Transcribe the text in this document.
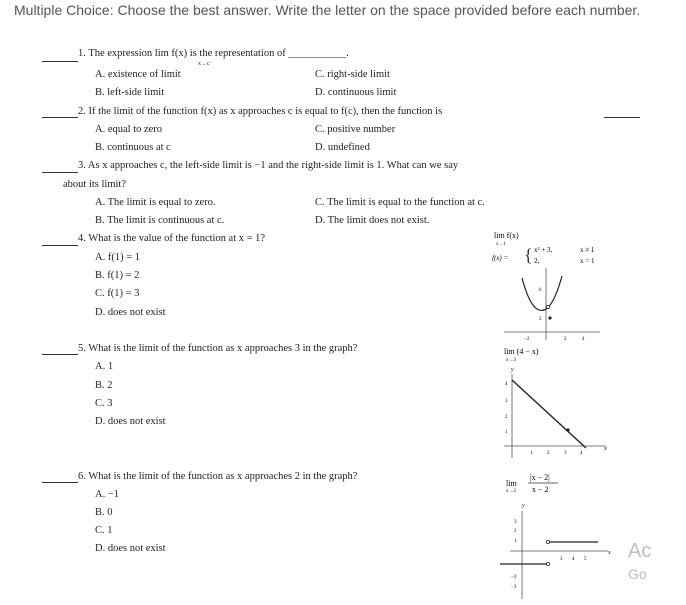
Multiple Choice: Choose the best answer. Write the letter on the space provided before each number.
1. The expression lim f(x) is the representation of ___________.
x→c⁻
A. existence of limit	C. right-side limit
B. left-side limit	D. continuous limit
2. If the limit of the function f(x) as x approaches c is equal to f(c), then the function is
A. equal to zero	C. positive number
B. continuous at c	D. undefined
3. As x approaches c, the left-side limit is −1 and the right-side limit is 1. What can we say
about its limit?
A. The limit is equal to zero.	C. The limit is equal to the function at c.
B. The limit is continuous at c.	D. The limit does not exist.
4. What is the value of the function at x = 1?
A. f(1) = 1
B. f(1) = 2
C. f(1) = 3
D. does not exist
lim f(x)
x→1
f(x) = { x² + 3,	x ≠ 1
2,	x = 1
6
2
−2	2	4
5. What is the limit of the function as x approaches 3 in the graph?
A. 1
B. 2
C. 3
D. does not exist
lim (4 − x)
x→3
y
x
4
3
2
1
1	2	3	4
6. What is the limit of the function as x approaches 2 in the graph?
A. −1
B. 0
C. 1
D. does not exist
lim
x→2
|x − 2|
x − 2
y
x
3
2
1
−2
−3
3 4 5 Ac
Go
